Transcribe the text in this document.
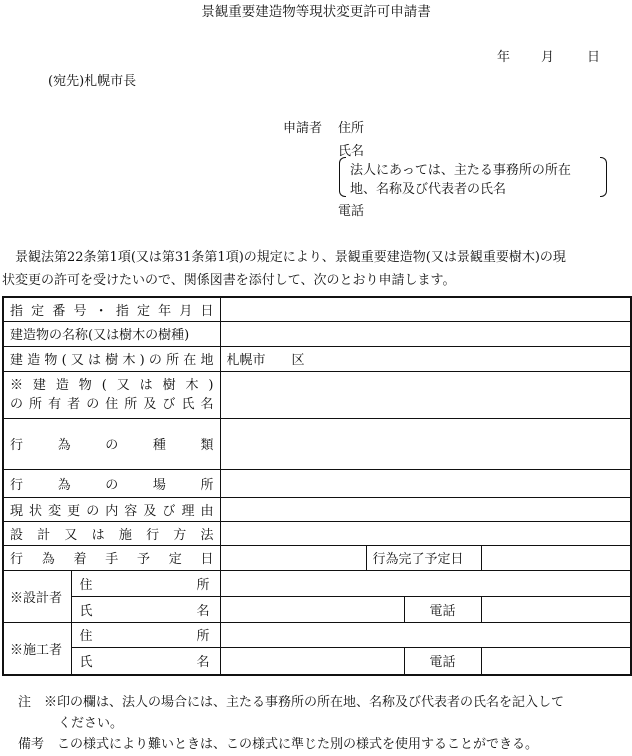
景観重要建造物等現状変更許可申請書
年 月	日
(宛先)札幌市長
申請者 住所
氏名
法人にあっては、主たる事務所の所在
地、名称及び代表者の氏名
電話

景観法第22条第1項(又は第31条第1項)の規定により、景観重要建造物(又は景観重要樹木)の現

状変更の許可を受けたいので、関係図書を添付して、次のとおり申請します。

指定番号・指定年月日					
建造物の名称(又は樹木の樹種)					
建造物(又は樹木)の所在地		札幌市　　区			

※建造物(又は樹木)
の所有者の住所及び氏名					

行為の種類					
行為の場所					
現状変更の内容及び理由					
設計又は施行方法					
行為着手予定日			行為完了予定日		
※設計者	住所				
	氏名			電話	
※施工者	住所				
	氏名			電話	

注　 ※印の欄は、法人の場合には、主たる事務所の所在地、名称及び代表者の氏名を記入して

ください。

備考　 この様式により難いときは、この様式に準じた別の様式を使用することができる。
